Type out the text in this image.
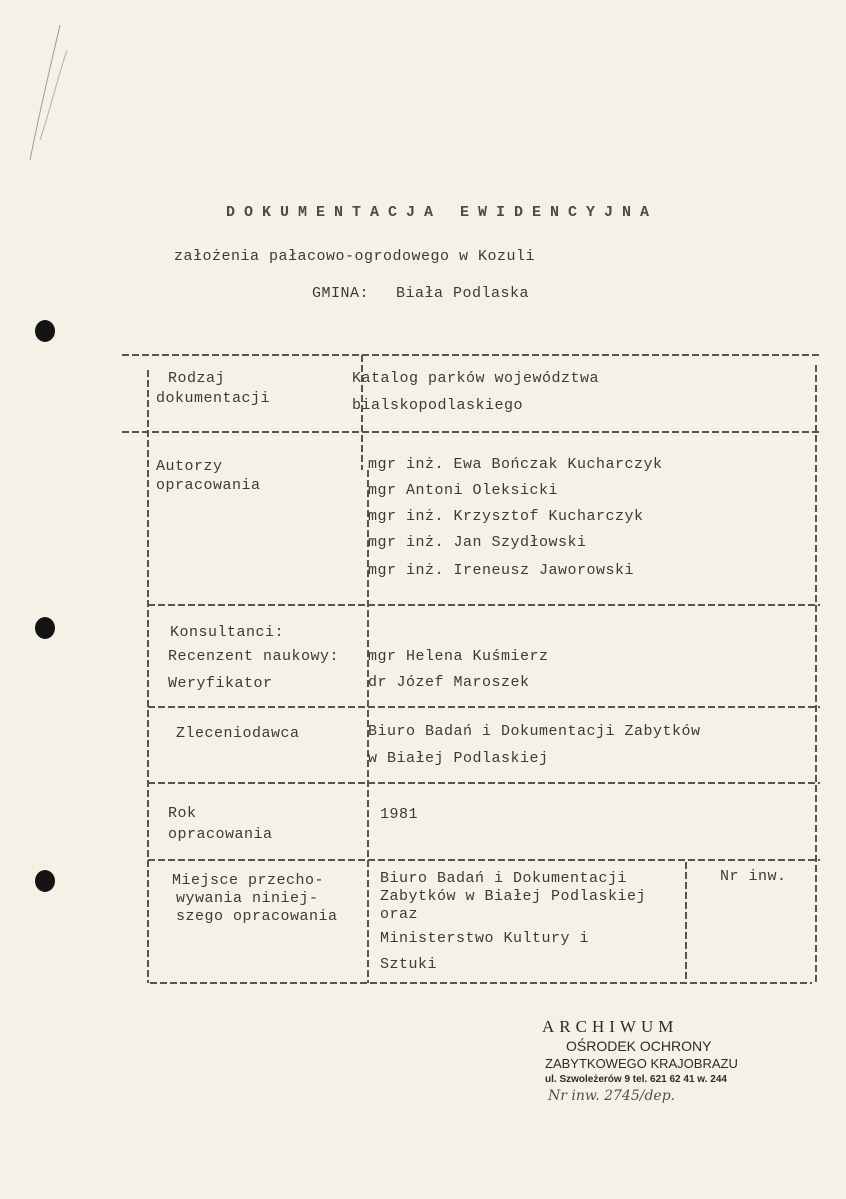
DOKUMENTACJA EWIDENCYJNA
założenia pałacowo-ogrodowego w Kozuli
GMINA: Biała Podlaska
Rodzaj
dokumentacji
Katalog parków województwa
bialskopodlaskiego
Autorzy
opracowania
mgr inż. Ewa Bończak Kucharczyk
mgr Antoni Oleksicki
mgr inż. Krzysztof Kucharczyk
mgr inż. Jan Szydłowski
mgr inż. Ireneusz Jaworowski
Konsultanci:
Recenzent naukowy:
Weryfikator
mgr Helena Kuśmierz
dr Józef Maroszek
Zleceniodawca	Biuro Badań i Dokumentacji Zabytków
w Białej Podlaskiej
Rok
opracowania
1981
Miejsce przecho-
wywania niniej-
szego opracowania
Biuro Badań i Dokumentacji
Zabytków w Białej Podlaskiej
oraz
Ministerstwo Kultury i
Sztuki
Nr inw.
ARCHIWUM
OŚRODEK OCHRONY
ZABYTKOWEGO KRAJOBRAZU
ul. Szwoleżerów 9 tel. 621 62 41 w. 244
Nr inw. 2745/dep.
